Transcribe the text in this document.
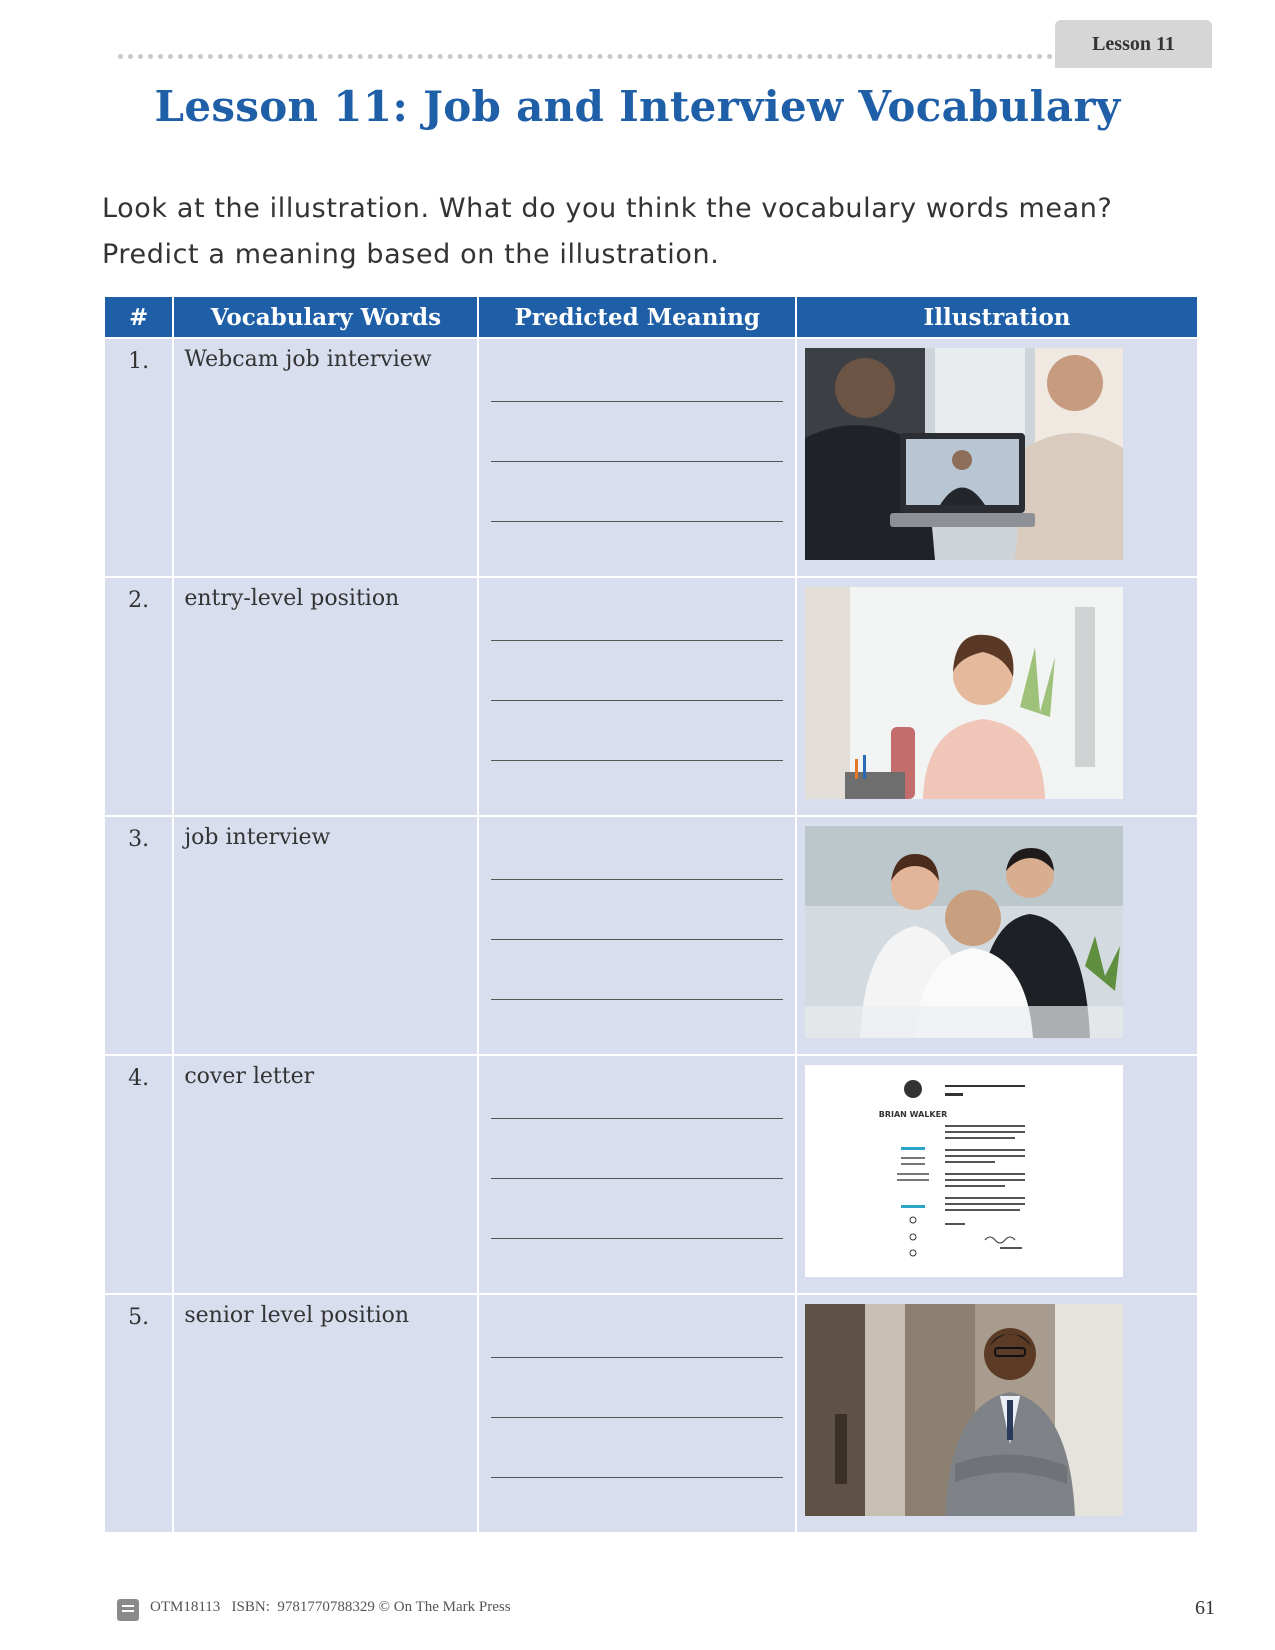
Lesson 11
Lesson 11: Job and Interview Vocabulary
Look at the illustration. What do you think the vocabulary words mean?
Predict a meaning based on the illustration.
#	Vocabulary Words	Predicted Meaning	Illustration
1.	Webcam job interview	

2.	entry-level position	

3.	job interview	

4.	cover letter		BRIAN WALKER

5.	senior level position	

OTM18113   ISBN:  9781770788329 © On The Mark Press	61
